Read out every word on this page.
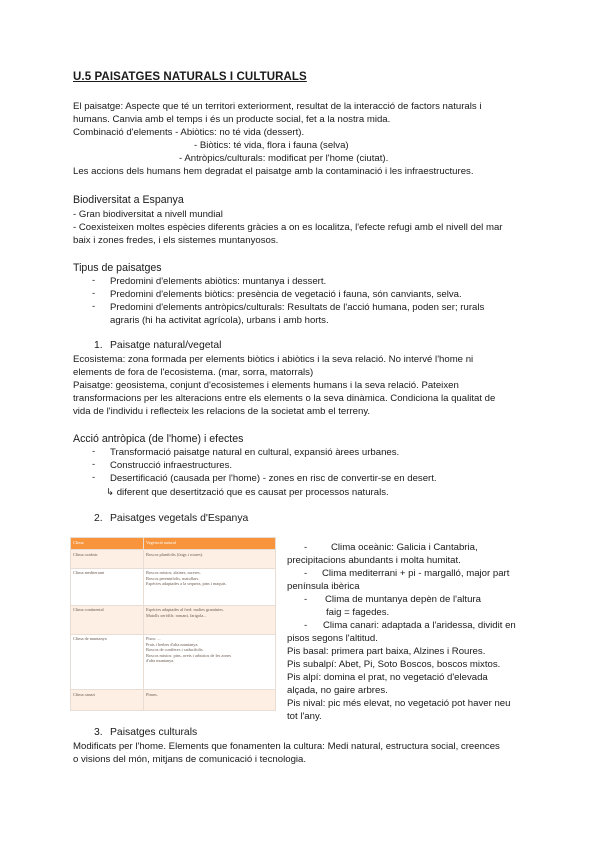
U.5 PAISATGES NATURALS I CULTURALS
El paisatge: Aspecte que té un territori exteriorment, resultat de la interacció de factors naturals i
humans. Canvia amb el temps i és un producte social, fet a la nostra mida.
Combinació d'elements - Abiòtics: no té vida (dessert).
- Biòtics: té vida, flora i fauna (selva)
- Antròpics/culturals: modificat per l'home (ciutat).
Les accions dels humans hem degradat el paisatge amb la contaminació i les infraestructures.
Biodiversitat a Espanya
- Gran biodiversitat a nivell mundial
- Coexisteixen moltes espècies diferents gràcies a on es localitza, l'efecte refugi amb el nivell del mar
baix i zones fredes, i els sistemes muntanyosos.
Tipus de paisatges
- Predomini d'elements abiòtics: muntanya i dessert.
- Predomini d'elements biòtics: presència de vegetació i fauna, són canviants, selva.
- Predomini d'elements antròpics/culturals: Resultats de l'acció humana, poden ser; rurals
agraris (hi ha activitat agrícola), urbans i amb horts.
1. Paisatge natural/vegetal
Ecosistema: zona formada per elements biòtics i abiòtics i la seva relació. No intervé l'home ni
elements de fora de l'ecosistema. (mar, sorra, matorrals)
Paisatge: geosistema, conjunt d'ecosistemes i elements humans i la seva relació. Pateixen
transformacions per les alteracions entre els elements o la seva dinàmica. Condiciona la qualitat de
vida de l'individu i reflecteix les relacions de la societat amb el terreny.
Acció antròpica (de l'home) i efectes
- Transformació paisatge natural en cultural, expansió àrees urbanes.
- Construcció infraestructures.
- Desertificació (causada per l'home) - zones en risc de convertir-se en desert.
↳ diferent que desertització que es causat per processos naturals.
2. Paisatges vegetals d'Espanya
Clima	Vegetació natural
Clima oceànic	Boscos planifolis (faigs i roures).
Clima mediterrani	Boscos mixtos; alzines, sureres.
Boscos perennifolis, matollars.
Espècies adaptades a la sequera, pins i maquis.
Clima continental	Espècies adaptades al fred: moltes gramínies.
Matolls xeròfils: romaní, farigola...
Clima de muntanya	Pisos: ...
Prats i herbes d'alta muntanya.
Boscos de coníferes i caducifolis.
Boscos mixtos: pins, avets i arbustos de les zones
d'alta muntanya.
Clima canari	Pinars.
- Clima oceànic: Galicia i Cantabria,
precipitacions abundants i molta humitat.
- Clima mediterrani + pi - margalló, major part
península ibèrica
- Clima de muntanya depèn de l'altura
faig = fagedes.
- Clima canari: adaptada a l'aridessa, dividit en
pisos segons l'altitud.
Pis basal: primera part baixa, Alzines i Roures.
Pis subalpí: Abet, Pi, Soto Boscos, boscos mixtos.
Pis alpí: domina el prat, no vegetació d'elevada
alçada, no gaire arbres.
Pis nival: pic més elevat, no vegetació pot haver neu
tot l'any.
3. Paisatges culturals
Modificats per l'home. Elements que fonamenten la cultura: Medi natural, estructura social, creences
o visions del món, mitjans de comunicació i tecnologia.
